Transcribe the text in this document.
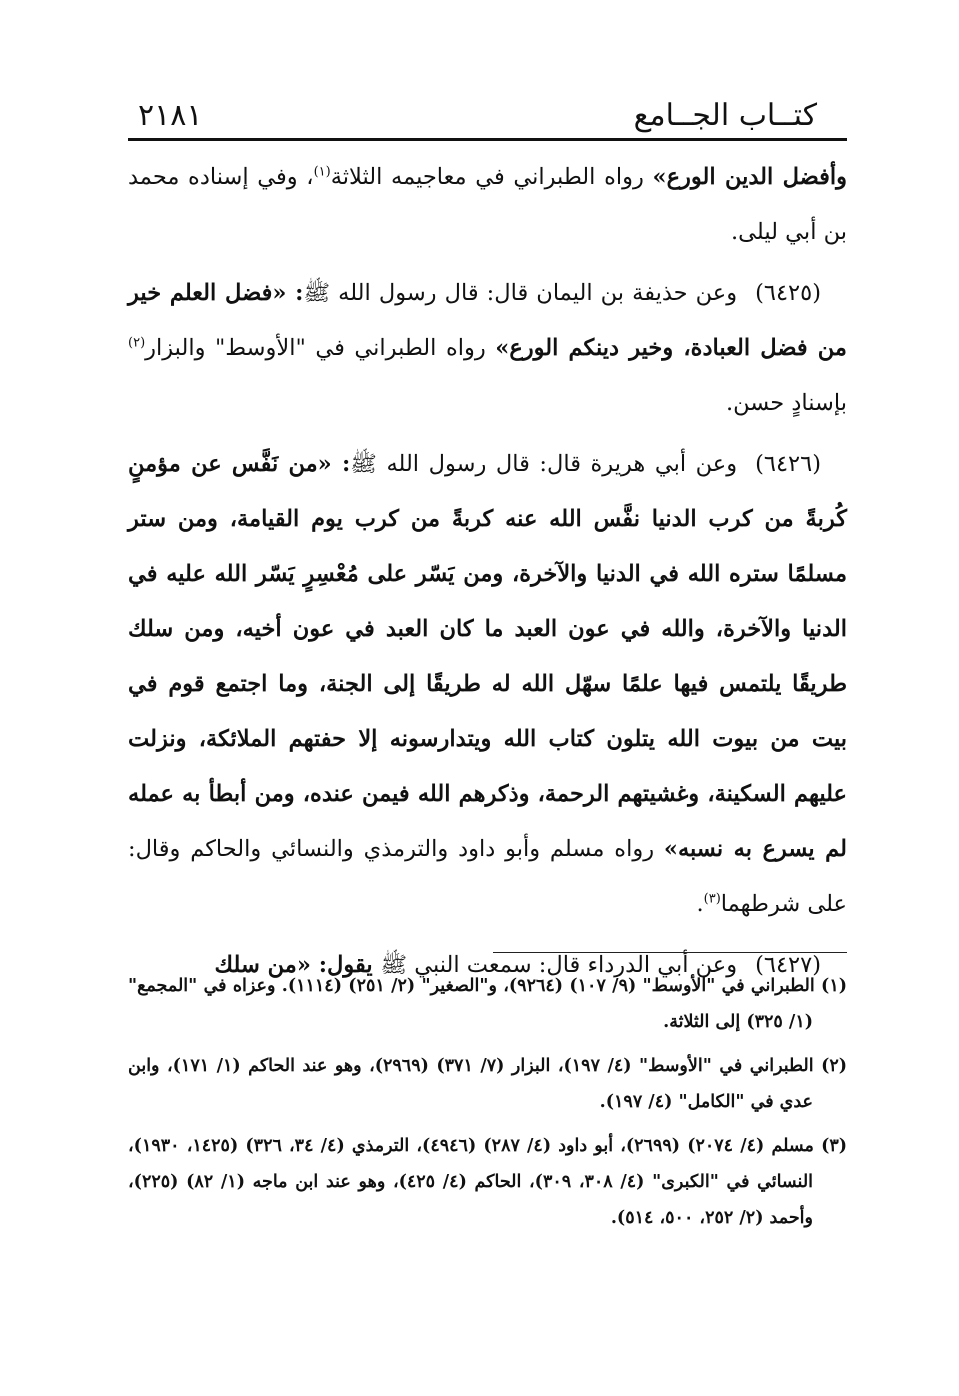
كتــاب الجــامع
٢١٨١

وأفضل الدين الورع» رواه الطبراني في معاجيمه الثلاثة$^{(١)}$، وفي إسناده محمد بن أبي ليلى.

(٦٤٢٥)وعن حذيفة بن اليمان قال: قال رسول الله ﷺ: «فضل العلم خير من فضل العبادة، وخير دينكم الورع» رواه الطبراني في "الأوسط" والبزار$^{(٢)}$ بإسنادٍ حسن.

(٦٤٢٦)وعن أبي هريرة قال: قال رسول الله ﷺ: «من نَفَّس عن مؤمنٍ كُربةً من كرب الدنيا نفَّس الله عنه كربةً من كرب يوم القيامة، ومن ستر مسلمًا ستره الله في الدنيا والآخرة، ومن يَسّر على مُعْسِرٍ يَسّر الله عليه في الدنيا والآخرة، والله في عون العبد ما كان العبد في عون أخيه، ومن سلك طريقًا يلتمس فيها علمًا سهّل الله له طريقًا إلى الجنة، وما اجتمع قوم في بيت من بيوت الله يتلون كتاب الله ويتدارسونه إلا حفتهم الملائكة، ونزلت عليهم السكينة، وغشيتهم الرحمة، وذكرهم الله فيمن عنده، ومن أبطأ به عمله لم يسرع به نسبه» رواه مسلم وأبو داود والترمذي والنسائي والحاكم وقال: على شرطهما$^{(٣)}$.

(٦٤٢٧)وعن أبي الدرداء قال: سمعت النبي ﷺ يقول: «من سلك

(١) الطبراني في "الأوسط" (٩/ ١٠٧) (٩٢٦٤)، و"الصغير" (٢/ ٢٥١) (١١١٤). وعزاه في "المجمع" (١/ ٣٢٥) إلى الثلاثة.

(٢) الطبراني في "الأوسط" (٤/ ١٩٧)، البزار (٧/ ٣٧١) (٢٩٦٩)، وهو عند الحاكم (١/ ١٧١)، وابن عدي في "الكامل" (٤/ ١٩٧).

(٣) مسلم (٤/ ٢٠٧٤) (٢٦٩٩)، أبو داود (٤/ ٢٨٧) (٤٩٤٦)، الترمذي (٤/ ٣٤، ٣٢٦) (١٤٢٥، ١٩٣٠)، النسائي في "الكبرى" (٤/ ٣٠٨، ٣٠٩)، الحاكم (٤/ ٤٢٥)، وهو عند ابن ماجه (١/ ٨٢) (٢٢٥)، وأحمد (٢/ ٢٥٢، ٥٠٠، ٥١٤).
